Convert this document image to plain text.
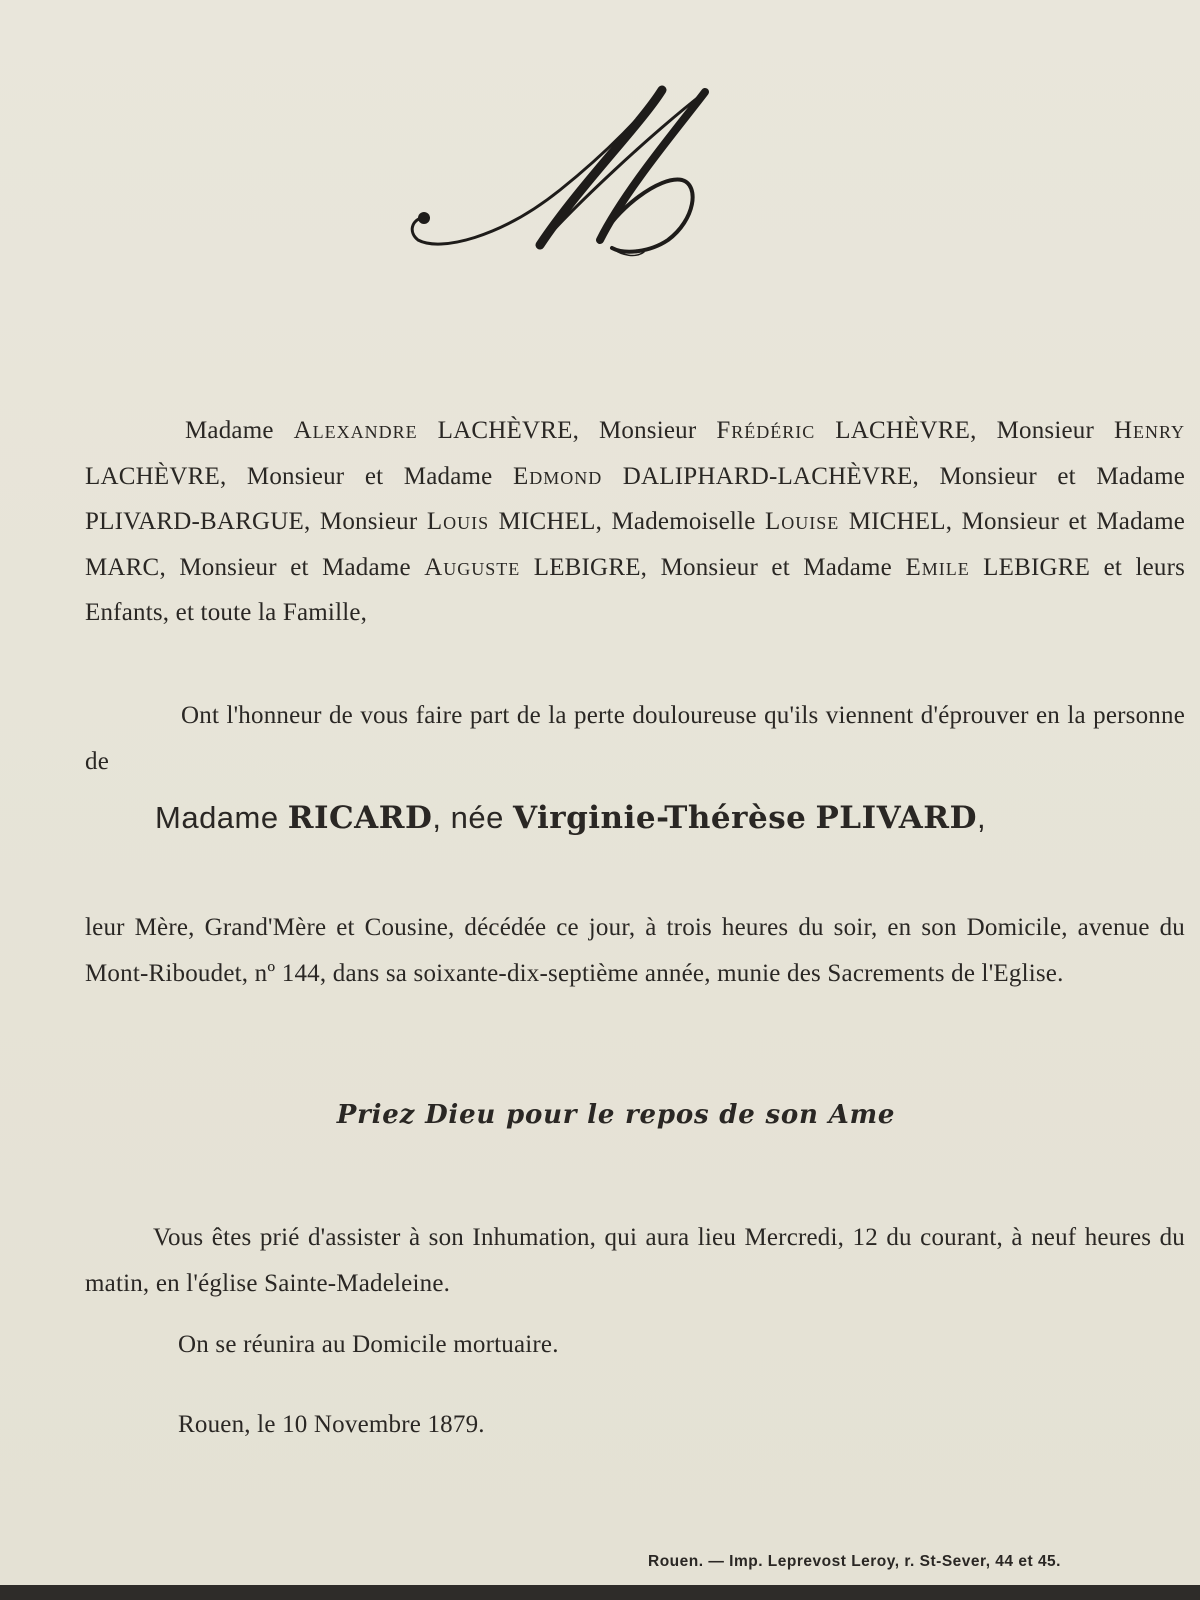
Madame Alexandre LACHÈVRE, Monsieur Frédéric LACHÈVRE, Monsieur Henry LACHÈVRE, Monsieur et Madame Edmond DALIPHARD-LACHÈVRE, Monsieur et Madame PLIVARD-BARGUE, Monsieur Louis MICHEL, Mademoiselle Louise MICHEL, Monsieur et Madame MARC, Monsieur et Madame Auguste LEBIGRE, Monsieur et Madame Emile LEBIGRE et leurs Enfants, et toute la Famille,

Ont l'honneur de vous faire part de la perte douloureuse qu'ils viennent d'éprouver en la personne de

Madame RICARD, née Virginie-Thérèse PLIVARD,

leur Mère, Grand'Mère et Cousine, décédée ce jour, à trois heures du soir, en son Domicile, avenue du Mont-Riboudet, nº 144, dans sa soixante-dix-septième année, munie des Sacrements de l'Eglise.

Priez Dieu pour le repos de son Ame

Vous êtes prié d'assister à son Inhumation, qui aura lieu Mercredi, 12 du courant, à neuf heures du matin, en l'église Sainte-Madeleine.

On se réunira au Domicile mortuaire.

Rouen, le 10 Novembre 1879.
Rouen. — Imp. Leprevost Leroy, r. St-Sever, 44 et 45.
